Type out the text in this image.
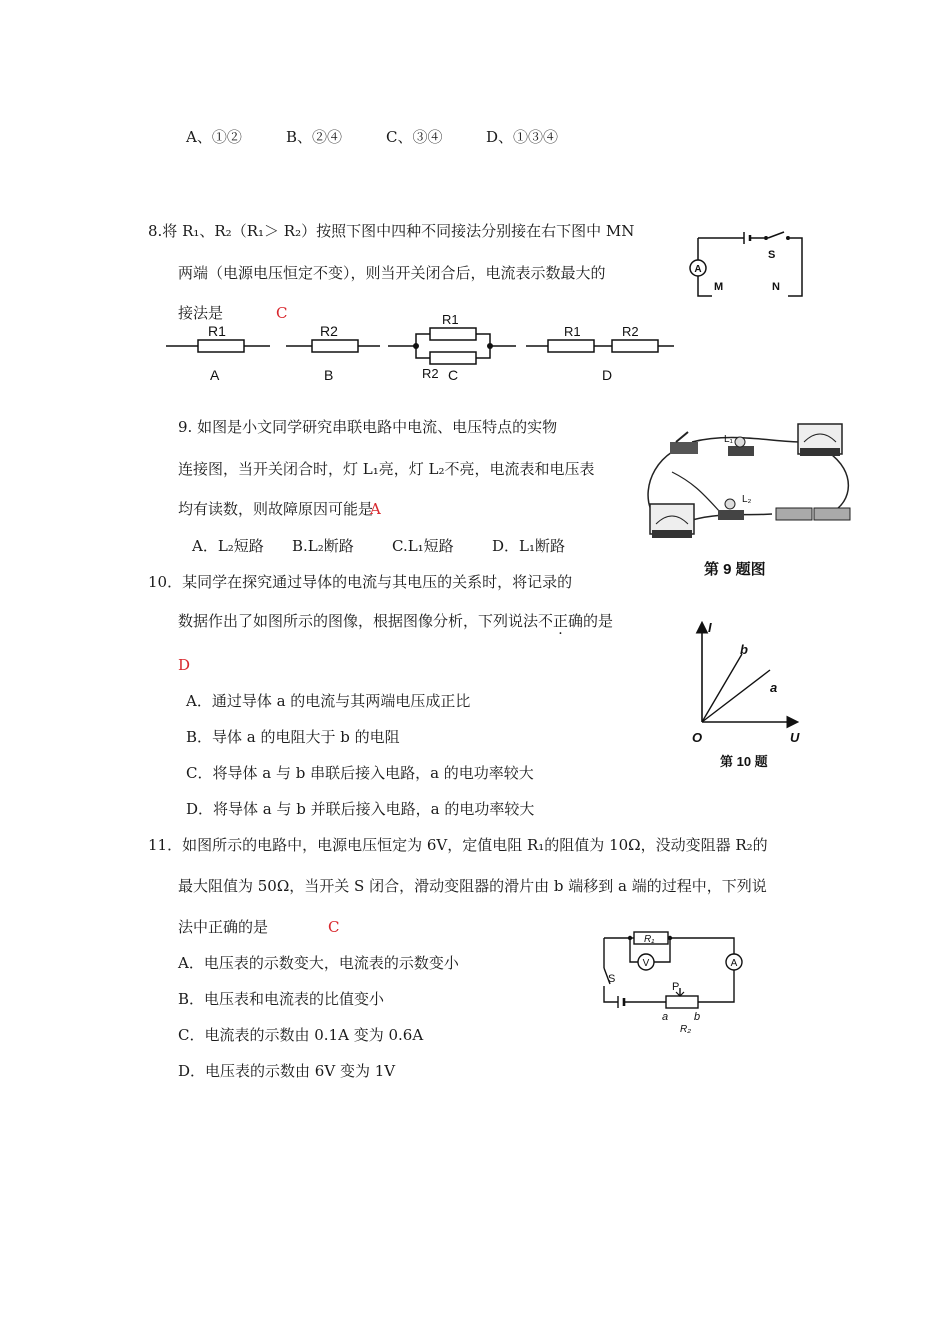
A、①②	B、②④	C、③④	D、①③④
8.将 R₁、R₂（R₁＞ R₂）按照下图中四种不同接法分别接在右下图中 MN
两端（电源电压恒定不变），则当开关闭合后，电流表示数最大的
接法是	C
A
S
M	N
R1
A
R2
B
R1
R2 C
R1	R2
D
9. 如图是小文同学研究串联电路中电流、电压特点的实物
连接图，当开关闭合时，灯 L₁亮，灯 L₂不亮，电流表和电压表
均有读数，则故障原因可能是
A
A．L₂短路 B.L₂断路	C.L₁短路	D．L₁断路
L₁
L₂
第 9 题图
10．某同学在探究通过导体的电流与其电压的关系时，将记录的
数据作出了如图所示的图像，根据图像分析，下列说法不正确的是
D
A．通过导体 a 的电流与其两端电压成正比
B．导体 a 的电阻大于 b 的电阻
C．将导体 a 与 b 串联后接入电路，a 的电功率较大
D．将导体 a 与 b 并联后接入电路，a 的电功率较大
I
U
O
b
a
第 10 题
11．如图所示的电路中，电源电压恒定为 6V，定值电阻 R₁的阻值为 10Ω，没动变阻器 R₂的
最大阻值为 50Ω，当开关 S 闭合，滑动变阻器的滑片由 b 端移到 a 端的过程中，下列说
法中正确的是	C
A．电压表的示数变大，电流表的示数变小
B．电压表和电流表的比值变小
C．电流表的示数由 0.1A 变为 0.6A
D．电压表的示数由 6V 变为 1V
A
V
S
P
a b
R₂
R₁
